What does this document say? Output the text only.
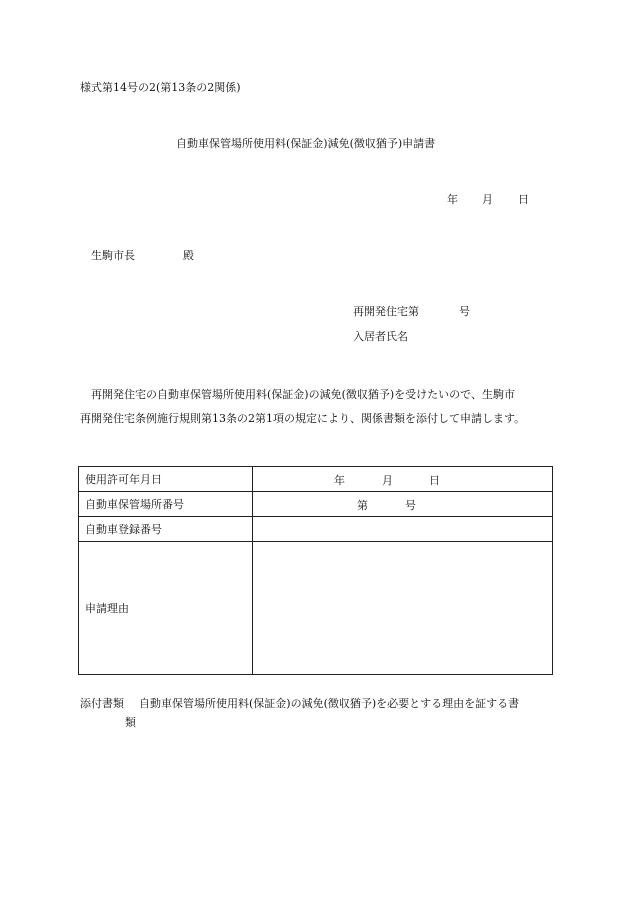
様式第14号の2(第13条の2関係)
自動車保管場所使用料(保証金)減免(徴収猶予)申請書
年 月 日
生駒市長	殿
再開発住宅第	号
入居者氏名
再開発住宅の自動車保管場所使用料(保証金)の減免(徴収猶予)を受けたいので、生駒市
再開発住宅条例施行規則第13条の2第1項の規定により、関係書類を添付して申請します。
使用許可年月日	年 月 日

自動車保管場所番号	第 号

自動車登録番号	
申請理由	
添付書類 自動車保管場所使用料(保証金)の減免(徴収猶予)を必要とする理由を証する書
類
